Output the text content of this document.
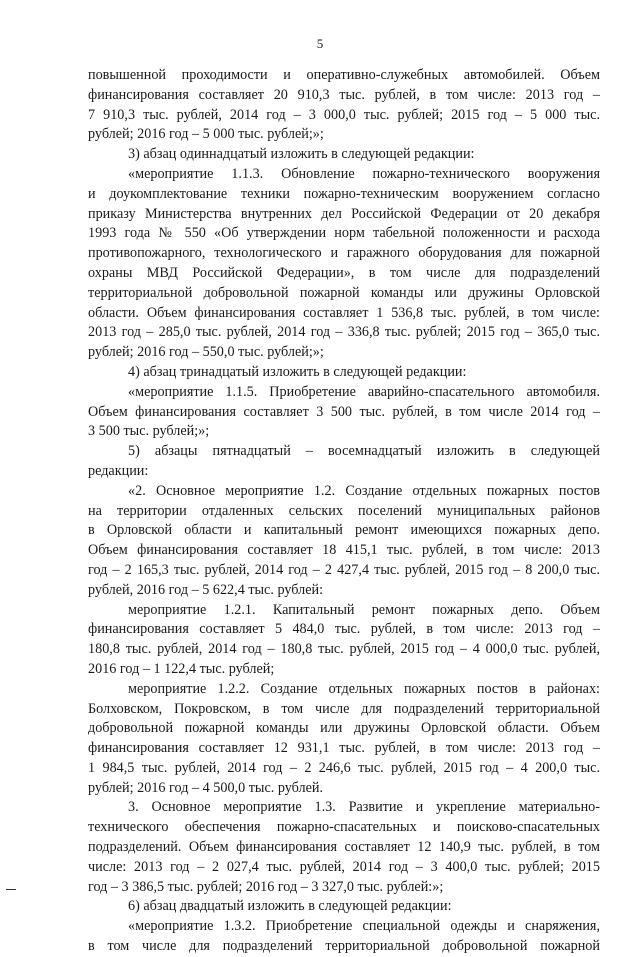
5
повышенной проходимости и оперативно-служебных автомобилей. Объем
финансирования составляет 20 910,3 тыс. рублей, в том числе: 2013 год –
7 910,3 тыс. рублей, 2014 год – 3 000,0 тыс. рублей; 2015 год – 5 000 тыс.
рублей; 2016 год – 5 000 тыс. рублей;»;
3) абзац одиннадцатый изложить в следующей редакции:
«мероприятие 1.1.3. Обновление пожарно-технического вооружения
и доукомплектование техники пожарно-техническим вооружением согласно
приказу Министерства внутренних дел Российской Федерации от 20 декабря
1993 года № 550 «Об утверждении норм табельной положенности и расхода
противопожарного, технологического и гаражного оборудования для пожарной
охраны МВД Российской Федерации», в том числе для подразделений
территориальной добровольной пожарной команды или дружины Орловской
области. Объем финансирования составляет 1 536,8 тыс. рублей, в том числе:
2013 год – 285,0 тыс. рублей, 2014 год – 336,8 тыс. рублей; 2015 год – 365,0 тыс.
рублей; 2016 год – 550,0 тыс. рублей;»;
4) абзац тринадцатый изложить в следующей редакции:
«мероприятие 1.1.5. Приобретение аварийно-спасательного автомобиля.
Объем финансирования составляет 3 500 тыс. рублей, в том числе 2014 год –
3 500 тыс. рублей;»;
5) абзацы пятнадцатый – восемнадцатый изложить в следующей
редакции:
«2. Основное мероприятие 1.2. Создание отдельных пожарных постов
на территории отдаленных сельских поселений муниципальных районов
в Орловской области и капитальный ремонт имеющихся пожарных депо.
Объем финансирования составляет 18 415,1 тыс. рублей, в том числе: 2013
год – 2 165,3 тыс. рублей, 2014 год – 2 427,4 тыс. рублей, 2015 год – 8 200,0 тыс.
рублей, 2016 год – 5 622,4 тыс. рублей:
мероприятие 1.2.1. Капитальный ремонт пожарных депо. Объем
финансирования составляет 5 484,0 тыс. рублей, в том числе: 2013 год –
180,8 тыс. рублей, 2014 год – 180,8 тыс. рублей, 2015 год – 4 000,0 тыс. рублей,
2016 год – 1 122,4 тыс. рублей;
мероприятие 1.2.2. Создание отдельных пожарных постов в районах:
Болховском, Покровском, в том числе для подразделений территориальной
добровольной пожарной команды или дружины Орловской области. Объем
финансирования составляет 12 931,1 тыс. рублей, в том числе: 2013 год –
1 984,5 тыс. рублей, 2014 год – 2 246,6 тыс. рублей, 2015 год – 4 200,0 тыс.
рублей; 2016 год – 4 500,0 тыс. рублей.
3. Основное мероприятие 1.3. Развитие и укрепление материально-
технического обеспечения пожарно-спасательных и поисково-спасательных
подразделений. Объем финансирования составляет 12 140,9 тыс. рублей, в том
числе: 2013 год – 2 027,4 тыс. рублей, 2014 год – 3 400,0 тыс. рублей; 2015
год – 3 386,5 тыс. рублей; 2016 год – 3 327,0 тыс. рублей:»;
6) абзац двадцатый изложить в следующей редакции:
«мероприятие 1.3.2. Приобретение специальной одежды и снаряжения,
в том числе для подразделений территориальной добровольной пожарной
